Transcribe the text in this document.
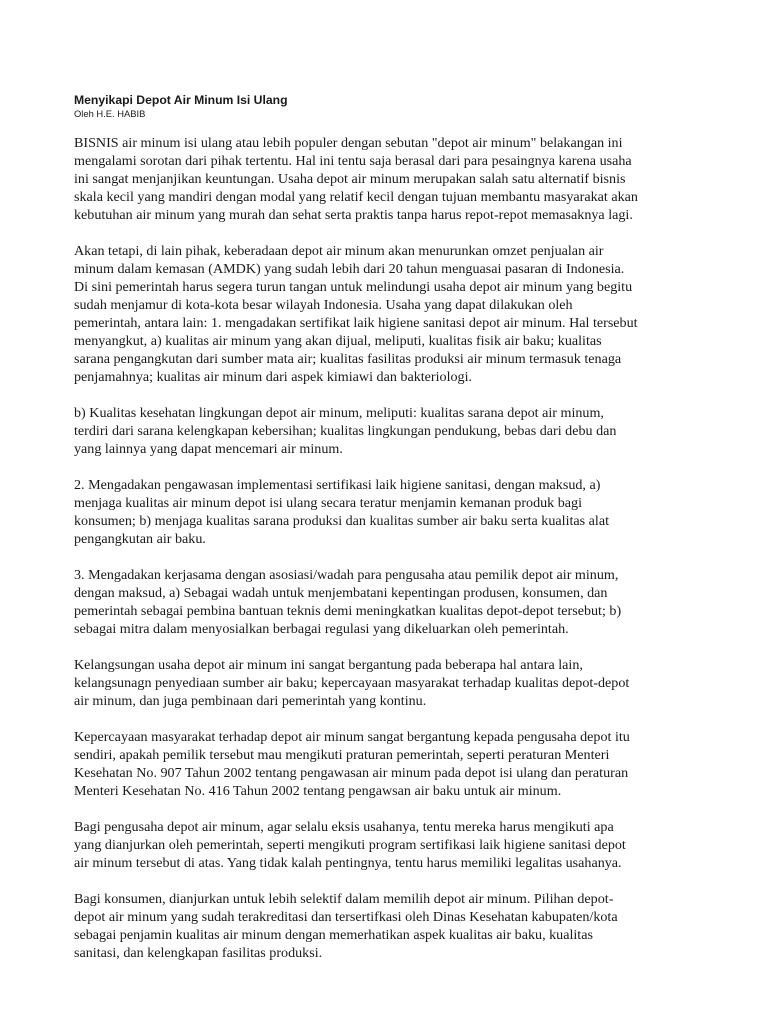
Menyikapi Depot Air Minum Isi Ulang
Oleh H.E. HABIB

BISNIS air minum isi ulang atau lebih populer dengan sebutan "depot air minum" belakangan ini
mengalami sorotan dari pihak tertentu. Hal ini tentu saja berasal dari para pesaingnya karena usaha
ini sangat menjanjikan keuntungan. Usaha depot air minum merupakan salah satu alternatif bisnis
skala kecil yang mandiri dengan modal yang relatif kecil dengan tujuan membantu masyarakat akan
kebutuhan air minum yang murah dan sehat serta praktis tanpa harus repot-repot memasaknya lagi.

Akan tetapi, di lain pihak, keberadaan depot air minum akan menurunkan omzet penjualan air
minum dalam kemasan (AMDK) yang sudah lebih dari 20 tahun menguasai pasaran di Indonesia.
Di sini pemerintah harus segera turun tangan untuk melindungi usaha depot air minum yang begitu
sudah menjamur di kota-kota besar wilayah Indonesia. Usaha yang dapat dilakukan oleh
pemerintah, antara lain: 1. mengadakan sertifikat laik higiene sanitasi depot air minum. Hal tersebut
menyangkut, a) kualitas air minum yang akan dijual, meliputi, kualitas fisik air baku; kualitas
sarana pengangkutan dari sumber mata air; kualitas fasilitas produksi air minum termasuk tenaga
penjamahnya; kualitas air minum dari aspek kimiawi dan bakteriologi.

b) Kualitas kesehatan lingkungan depot air minum, meliputi: kualitas sarana depot air minum,
terdiri dari sarana kelengkapan kebersihan; kualitas lingkungan pendukung, bebas dari debu dan
yang lainnya yang dapat mencemari air minum.

2. Mengadakan pengawasan implementasi sertifikasi laik higiene sanitasi, dengan maksud, a)
menjaga kualitas air minum depot isi ulang secara teratur menjamin kemanan produk bagi
konsumen; b) menjaga kualitas sarana produksi dan kualitas sumber air baku serta kualitas alat
pengangkutan air baku.

3. Mengadakan kerjasama dengan asosiasi/wadah para pengusaha atau pemilik depot air minum,
dengan maksud, a) Sebagai wadah untuk menjembatani kepentingan produsen, konsumen, dan
pemerintah sebagai pembina bantuan teknis demi meningkatkan kualitas depot-depot tersebut; b)
sebagai mitra dalam menyosialkan berbagai regulasi yang dikeluarkan oleh pemerintah.

Kelangsungan usaha depot air minum ini sangat bergantung pada beberapa hal antara lain,
kelangsunagn penyediaan sumber air baku; kepercayaan masyarakat terhadap kualitas depot-depot
air minum, dan juga pembinaan dari pemerintah yang kontinu.

Kepercayaan masyarakat terhadap depot air minum sangat bergantung kepada pengusaha depot itu
sendiri, apakah pemilik tersebut mau mengikuti praturan pemerintah, seperti peraturan Menteri
Kesehatan No. 907 Tahun 2002 tentang pengawasan air minum pada depot isi ulang dan peraturan
Menteri Kesehatan No. 416 Tahun 2002 tentang pengawsan air baku untuk air minum.

Bagi pengusaha depot air minum, agar selalu eksis usahanya, tentu mereka harus mengikuti apa
yang dianjurkan oleh pemerintah, seperti mengikuti program sertifikasi laik higiene sanitasi depot
air minum tersebut di atas. Yang tidak kalah pentingnya, tentu harus memiliki legalitas usahanya.

Bagi konsumen, dianjurkan untuk lebih selektif dalam memilih depot air minum. Pilihan depot-
depot air minum yang sudah terakreditasi dan tersertifkasi oleh Dinas Kesehatan kabupaten/kota
sebagai penjamin kualitas air minum dengan memerhatikan aspek kualitas air baku, kualitas
sanitasi, dan kelengkapan fasilitas produksi.
